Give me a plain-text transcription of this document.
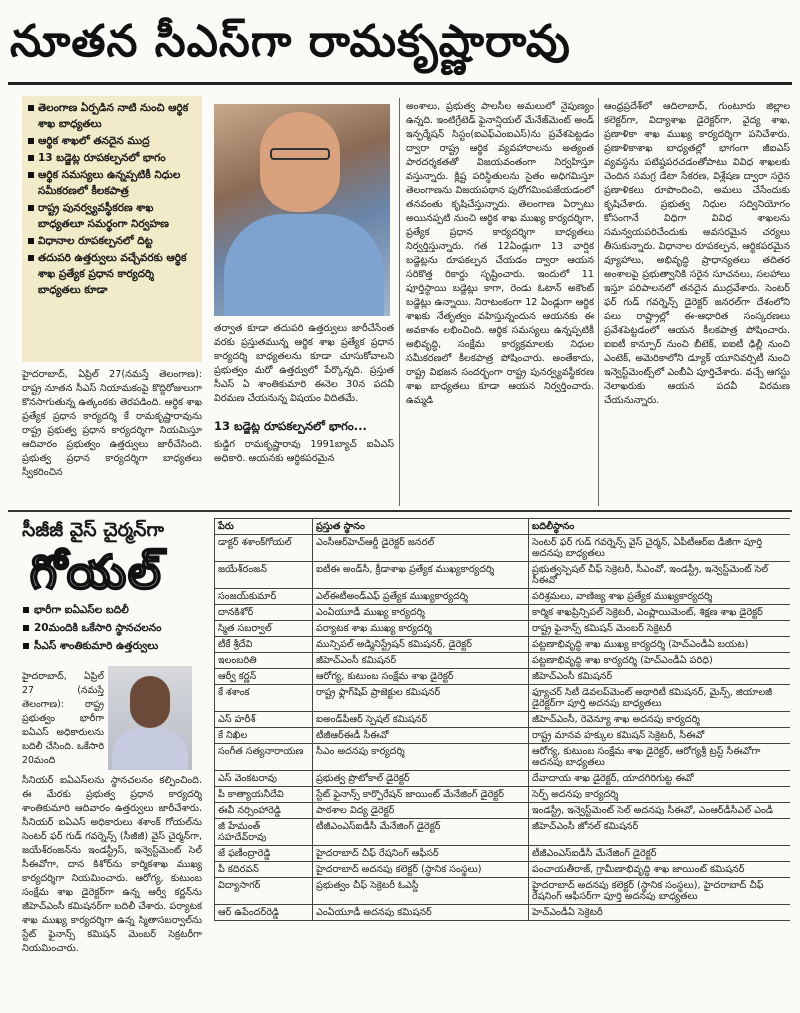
నూతన సీఎస్‌గా రామకృష్ణారావు
తెలంగాణ ఏర్పడిన నాటి నుంచి ఆర్థిక శాఖ బాధ్యతలు
ఆర్థిక శాఖలో తనదైన ముద్ర
13 బడ్జెట్ల రూపకల్పనలో భాగం
ఆర్థిక సమస్యలు ఉన్నప్పటికీ నిధుల సమీకరణలో కీలకపాత్ర
రాష్ట్ర పునర్వ్యవస్థీకరణ శాఖ బాధ్యతలూ సమర్థంగా నిర్వహణ
విధానాల రూపకల్పనలో దిట్ట
తదుపరి ఉత్తర్వులు వచ్చేవరకు ఆర్థిక శాఖ ప్రత్యేక ప్రధాన కార్యదర్శి బాధ్యతలు కూడా
హైదరాబాద్, ఏప్రిల్ 27(నమస్తే తెలంగాణ): రాష్ట్ర నూతన సీఎస్ నియామకంపై కొద్దిరోజులుగా కొనసాగుతున్న ఉత్కంఠకు తెరపడింది. ఆర్థిక శాఖ ప్రత్యేక ప్రధాన కార్యదర్శి కే రామకృష్ణారావును రాష్ట్ర ప్రభుత్వ ప్రధాన కార్యదర్శిగా నియమిస్తూ ఆదివారం ప్రభుత్వం ఉత్తర్వులు జారీచేసింది. ప్రభుత్వ ప్రధాన కార్యదర్శిగా బాధ్యతలు స్వీకరించిన
తర్వాత కూడా తదుపరి ఉత్తర్వులు జారీచేసేంత వరకు ప్రస్తుతమున్న ఆర్థిక శాఖ ప్రత్యేక ప్రధాన కార్యదర్శి బాధ్యతలను కూడా చూసుకోవాలని ప్రభుత్వం మరో ఉత్తర్వులో పేర్కొన్నది. ప్రస్తుత సీఎస్ ఏ శాంతికుమారి ఈనెల 30న పదవీ విరమణ చేయనున్న విషయం విదితమే.
13 బడ్జెట్ల రూపకల్పనలో భాగం...
కుడ్డిగ రామకృష్ణారావు 1991బ్యాచ్ ఐఏఎస్ అధికారి. ఆయనకు ఆర్థికపరమైన
అంశాలు, ప్రభుత్వ పాలసీల అమలులో నైపుణ్యం ఉన్నది. ఇంటిగ్రేటెడ్ ఫైనాన్షియల్ మేనేజ్‌మెంట్ అండ్ ఇన్ఫర్మేషన్ సిస్టం(ఐఎఫ్ఎంఐఎస్)ను ప్రవేశపెట్టడం ద్వారా రాష్ట్ర ఆర్థిక వ్యవహారాలను అత్యంత పారదర్శకతతో విజయవంతంగా నిర్వహిస్తూ వస్తున్నారు. క్లిష్ట పరిస్థితులను సైతం అధిగమిస్తూ తెలంగాణను విజయపథాన పురోగమింపజేయడంలో తనవంతు కృషిచేస్తున్నారు. తెలంగాణ ఏర్పాటు అయినప్పటి నుంచి ఆర్థిక శాఖ ముఖ్య కార్యదర్శిగా, ప్రత్యేక ప్రధాన కార్యదర్శిగా బాధ్యతలు నిర్వర్తిస్తున్నారు. గత 12ఏండ్లుగా 13 వార్షిక బడ్జెట్లను రూపకల్పన చేయడం ద్వారా ఆయన సరికొత్త రికార్డు సృష్టించారు. ఇందులో 11 పూర్తిస్థాయి బడ్జెట్లు కాగా, రెండు ఓటాన్ అకౌంట్ బడ్జెట్లు ఉన్నాయి. నిరాటంకంగా 12 ఏండ్లుగా ఆర్థిక శాఖకు నేతృత్వం వహిస్తున్నందున ఆయనకు ఈ అవకాశం లభించింది. ఆర్థిక సమస్యలు ఉన్నప్పటికీ అభివృద్ధి, సంక్షేమ కార్యక్రమాలకు నిధుల సమీకరణలో కీలకపాత్ర పోషించారు. అంతేకాదు, రాష్ట్ర విభజన సందర్భంగా రాష్ట్ర పునర్వ్యవస్థీకరణ శాఖ బాధ్యతలు కూడా ఆయన నిర్వర్తించారు. ఉమ్మడి
ఆంధ్రప్రదేశ్‌లో ఆదిలాబాద్, గుంటూరు జిల్లాల కలెక్టర్‌గా, విద్యాశాఖ డైరెక్టర్‌గా, వైద్య శాఖ, ప్రణాళికా శాఖ ముఖ్య కార్యదర్శిగా పనిచేశారు. ప్రణాళికాశాఖ బాధ్యతల్లో భాగంగా జీఐఎస్ వ్యవస్థను పటిష్ఠపరచడంతోపాటు వివిధ శాఖలకు చెందిన సమగ్ర డేటా సేకరణ, విశ్లేషణ ద్వారా సరైన ప్రణాళికలు రూపొందించి, అమలు చేసేందుకు కృషిచేశారు. ప్రభుత్వ నిధుల సద్వినియోగం కోసంగానే విధిగా వివిధ శాఖలను సమన్వయపరిచేందుకు అవసరమైన చర్యలు తీసుకున్నారు. విధానాల రూపకల్పన, ఆర్థికపరమైన వ్యూహాలు, అభివృద్ధి ప్రాధాన్యతలు తదితర అంశాలపై ప్రభుత్వానికి సరైన సూచనలు, సలహాలు ఇస్తూ పరిపాలనలో తనదైన ముద్రవేశారు. సెంటర్ ఫర్ గుడ్ గవర్నెన్స్ డైరెక్టర్ జనరల్‌గా దేశంలోని పలు రాష్ట్రాల్లో ఈ-ఆధారిత సంస్కరణలు ప్రవేశపెట్టడంలో ఆయన కీలకపాత్ర పోషించారు. ఐఐటీ కాన్పూర్ నుంచి బీటెక్, ఐఐటీ ఢిల్లీ నుంచి ఎంటెక్, అమెరికాలోని డ్యూక్ యూనివర్సిటీ నుంచి ఇన్వెస్ట్‌మెంట్స్‌లో ఎంబీఏ పూర్తిచేశారు. వచ్చే ఆగస్టు నెలాఖరుకు ఆయన పదవీ విరమణ చేయనున్నారు.
సీజీజీ వైస్ చైర్మన్‌గా
గోయల్
భారీగా ఐఏఎస్‌ల బదిలీ
20మందికి ఒకేసారి స్థానచలనం
సీఎస్ శాంతికుమారి ఉత్తర్వులు
హైదరాబాద్, ఏప్రిల్ 27 (నమస్తే తెలంగాణ): రాష్ట్ర ప్రభుత్వం భారీగా ఐఏఎస్ అధికారులను బదిలీ చేసింది. ఒకేసారి 20మంది
సీనియర్ ఐఏఎస్‌లను స్థానచలనం కల్పించింది. ఈ మేరకు ప్రభుత్వ ప్రధాన కార్యదర్శి శాంతికుమారి ఆదివారం ఉత్తర్వులు జారీచేశారు. సీనియర్ ఐఏఎస్ అధికారులు శశాంక్ గోయల్‌ను సెంటర్ ఫర్ గుడ్ గవర్నెన్స్ (సీజీజీ) వైస్ చైర్మన్‌గా, జయేశ్‌రంజన్‌ను ఇండస్ట్రీస్, ఇన్వెస్ట్‌మెంట్ సెల్ సీఈవోగా, దాన కిశోర్‌ను కార్మికశాఖ ముఖ్య కార్యదర్శిగా నియమించారు. ఆరోగ్య, కుటుంబ సంక్షేమ శాఖ డైరెక్టర్‌గా ఉన్న ఆర్వీ కర్ణన్‌ను జీహెచ్ఎంసీ కమిషనర్‌గా బదిలీ చేశారు. పర్యాటక శాఖ ముఖ్య కార్యదర్శిగా ఉన్న స్మితాసబర్వాల్‌ను స్టేట్ ఫైనాన్స్ కమిషన్ మెంబర్ సెక్రటరీగా నియమించారు.
పేరు	ప్రస్తుత స్థానం	బదిలీస్థానం
డాక్టర్ శశాంక్‌గోయల్	ఎంసీఆర్‌హెచ్ఆర్డీ డైరెక్టర్ జనరల్	సెంటర్ ఫర్ గుడ్ గవర్నెన్స్ వైస్ చైర్మన్, ఏపీటీఆర్‌ఐ డీజీగా పూర్తి అదనపు బాధ్యతలు
జయేశ్‌రంజన్	ఐటీఈ అండ్‌సీ, క్రీడాశాఖ ప్రత్యేక ముఖ్యకార్యదర్శి	ప్రభుత్వస్పెషల్ చీఫ్ సెక్రెటరీ, సీఎంవో, ఇండస్ట్రీ, ఇన్వెస్ట్‌మెంట్ సెల్ సీఈవో
సంజయ్‌కుమార్	ఎల్ఈటీఅండ్ఎఫ్ ప్రత్యేక ముఖ్యకార్యదర్శి	పరిశ్రమలు, వాణిజ్య శాఖ ప్రత్యేక ముఖ్యకార్యదర్శి
దానకిశోర్	ఎంఏయూడీ ముఖ్య కార్యదర్శి	కార్మిక శాఖప్రిన్సిపల్ సెక్రెటరీ, ఎంప్లాయిమెంట్, శిక్షణ శాఖ డైరెక్టర్
స్మిత సబర్వాల్	పర్యాటక శాఖ ముఖ్య కార్యదర్శి	రాష్ట్ర ఫైనాన్స్ కమిషన్ మెంబర్ సెక్రెటరీ
టీకే శ్రీదేవి	మున్సిపల్ అడ్మినిస్ట్రేషన్ కమిషనర్, డైరెక్టర్	పట్టణాభివృద్ధి శాఖ ముఖ్య కార్యదర్శి (హెచ్ఎండీఏ బయట)
ఇలంబరితి	జీహెచ్ఎంసీ కమిషనర్	పట్టణాభివృద్ధి శాఖ కార్యదర్శి (హెచ్ఎండీఏ పరిధి)
ఆర్వీ కర్ణన్	ఆరోగ్య, కుటుంబ సంక్షేమ శాఖ డైరెక్టర్	జీహెచ్ఎంసీ కమిషనర్
కే శశాంక	రాష్ట్ర ఫ్లాగ్‌షిప్ ప్రాజెక్టుల కమిషనర్	ఫ్యూచర్ సిటీ డెవలప్‌మెంట్ అథారిటీ కమిషనర్, మైన్స్, జియాలజీ డైరెక్టర్‌గా పూర్తి అదనపు బాధ్యతలు
ఎస్ హరీశ్	ఐఅండ్‌పీఆర్ స్పెషల్ కమిషనర్	జీహెచ్ఎంసీ, రెవెన్యూ శాఖ అదనపు కార్యదర్శి
కే నిఖిల	టీజీఆర్‌ఈడీ సీఈవో	రాష్ట్ర మానవ హక్కుల కమిషన్ సెక్రెటరీ, సీఈవో
సంగీత సత్యనారాయణ	సీఎం అదనపు కార్యదర్శి	ఆరోగ్య, కుటుంబ సంక్షేమ శాఖ డైరెక్టర్, ఆరోగ్యశ్రీ ట్రస్ట్ సీఈవోగా అదనపు బాధ్యతలు
ఎస్ వెంకటరావు	ప్రభుత్వ ప్రొటోకాల్ డైరెక్టర్	దేవాదాయ శాఖ డైరెక్టర్, యాదగిరిగుట్ట ఈవో
పీ కాత్యాయనీదేవి	స్టేట్ ఫైనాన్స్ కార్పొరేషన్ జాయింట్ మేనేజింగ్ డైరెక్టర్	సెర్ప్ అదనపు కార్యదర్శి
ఈవీ నర్సింహారెడ్డి	పాఠశాల విద్య డైరెక్టర్	ఇండస్ట్రీ, ఇన్వెస్ట్‌మెంట్ సెల్ అదనపు సీఈవో, ఎంఆర్‌డీసీఎల్ ఎండీ
జీ హేమంత్ సహదేవ్‌రావు	టీజీఎంఎస్ఐడీసీ మేనేజింగ్ డైరెక్టర్	జీహెచ్ఎంసీ జోనల్ కమిషనర్
జే ఫణీంద్రారెడ్డి	హైదరాబాద్ చీఫ్ రేషనింగ్ ఆఫీసర్	టీజీఎంఎస్ఐడీసీ మేనేజింగ్ డైరెక్టర్
పీ కదిరవన్	హైదరాబాద్ అదనపు కలెక్టర్ (స్థానిక సంస్థలు)	పంచాయతీరాజ్, గ్రామీణాభివృద్ధి శాఖ జాయింట్ కమిషనర్
విద్యాసాగర్	ప్రభుత్వం చీఫ్ సెక్రెటరీ ఓఎస్డీ	హైదరాబాద్ అదనపు కలెక్టర్ (స్థానిక సంస్థలు), హైదరాబాద్ చీఫ్ రేషనింగ్ ఆఫీసర్‌గా పూర్తి అదనపు బాధ్యతలు
ఆర్ ఉపేందర్‌రెడ్డి	ఎంఏయూడీ అదనపు కమిషనర్	హెచ్ఎండీఏ సెక్రెటరీ
